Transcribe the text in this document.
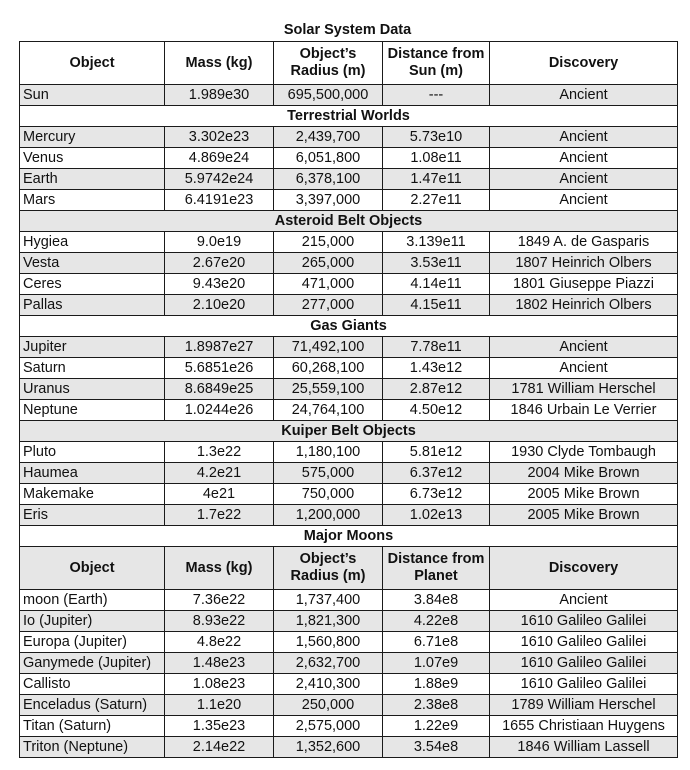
Solar System Data
Object	Mass (kg)	Object’s Radius (m)	Distance from Sun (m)	Discovery
Sun	1.989e30	695,500,000	---	Ancient
Terrestrial Worlds				
Mercury	3.302e23	2,439,700	5.73e10	Ancient
Venus	4.869e24	6,051,800	1.08e11	Ancient
Earth	5.9742e24	6,378,100	1.47e11	Ancient
Mars	6.4191e23	3,397,000	2.27e11	Ancient
Asteroid Belt Objects				
Hygiea	9.0e19	215,000	3.139e11	1849 A. de Gasparis
Vesta	2.67e20	265,000	3.53e11	1807 Heinrich Olbers
Ceres	9.43e20	471,000	4.14e11	1801 Giuseppe Piazzi
Pallas	2.10e20	277,000	4.15e11	1802 Heinrich Olbers
Gas Giants				
Jupiter	1.8987e27	71,492,100	7.78e11	Ancient
Saturn	5.6851e26	60,268,100	1.43e12	Ancient
Uranus	8.6849e25	25,559,100	2.87e12	1781 William Herschel
Neptune	1.0244e26	24,764,100	4.50e12	1846 Urbain Le Verrier
Kuiper Belt Objects				
Pluto	1.3e22	1,180,100	5.81e12	1930 Clyde Tombaugh
Haumea	4.2e21	575,000	6.37e12	2004 Mike Brown
Makemake	4e21	750,000	6.73e12	2005 Mike Brown
Eris	1.7e22	1,200,000	1.02e13	2005 Mike Brown
Major Moons				
Object	Mass (kg)	Object’s Radius (m)	Distance from Planet	Discovery
moon (Earth)	7.36e22	1,737,400	3.84e8	Ancient
Io (Jupiter)	8.93e22	1,821,300	4.22e8	1610 Galileo Galilei
Europa (Jupiter)	4.8e22	1,560,800	6.71e8	1610 Galileo Galilei
Ganymede (Jupiter)	1.48e23	2,632,700	1.07e9	1610 Galileo Galilei
Callisto	1.08e23	2,410,300	1.88e9	1610 Galileo Galilei
Enceladus (Saturn)	1.1e20	250,000	2.38e8	1789 William Herschel
Titan (Saturn)	1.35e23	2,575,000	1.22e9	1655 Christiaan Huygens
Triton (Neptune)	2.14e22	1,352,600	3.54e8	1846 William Lassell
